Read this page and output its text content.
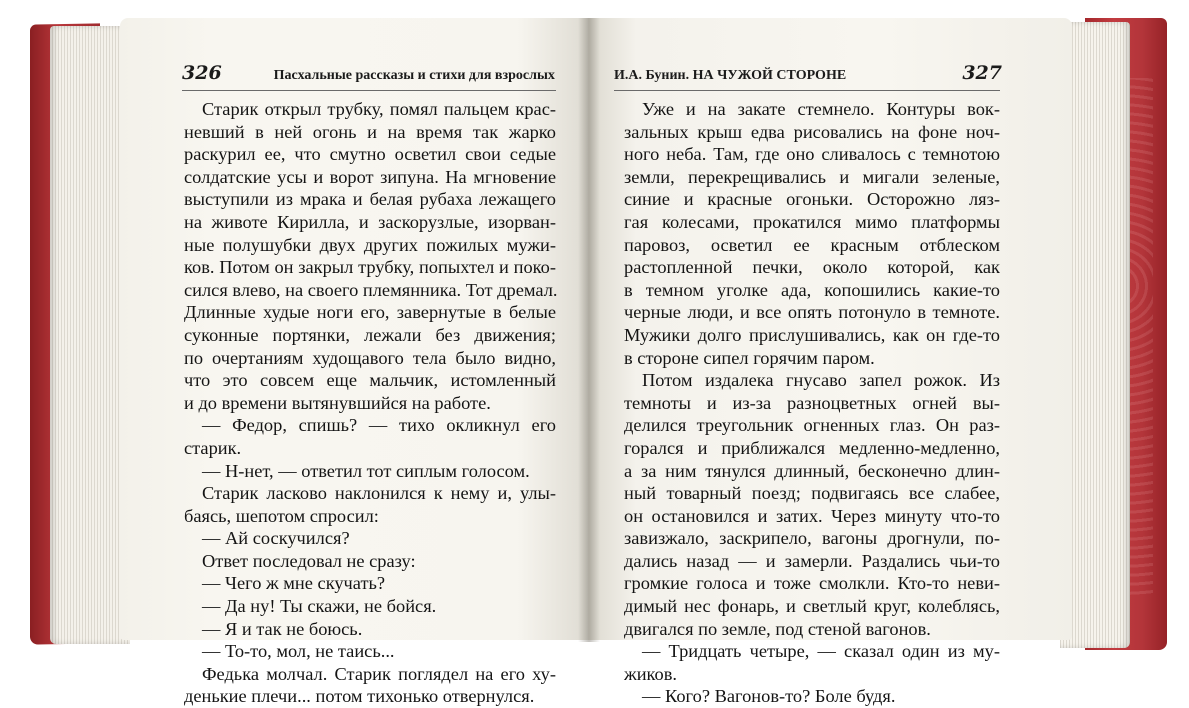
326	Пасхальные рассказы и стихи для взрослых
Старик открыл трубку, помял пальцем крас-
невший в ней огонь и на время так жарко
раскурил ее, что смутно осветил свои седые
солдатские усы и ворот зипуна. На мгновение
выступили из мрака и белая рубаха лежащего
на животе Кирилла, и заскорузлые, изорван-
ные полушубки двух других пожилых мужи-
ков. Потом он закрыл трубку, попыхтел и поко-
сился влево, на своего племянника. Тот дремал.
Длинные худые ноги его, завернутые в белые
суконные портянки, лежали без движения;
по очертаниям худощавого тела было видно,
что это совсем еще мальчик, истомленный
и до времени вытянувшийся на работе.
— Федор, спишь? — тихо окликнул его
старик.
— Н-нет, — ответил тот сиплым голосом.
Старик ласково наклонился к нему и, улы-
баясь, шепотом спросил:
— Ай соскучился?
Ответ последовал не сразу:
— Чего ж мне скучать?
— Да ну! Ты скажи, не бойся.
— Я и так не боюсь.
— То-то, мол, не таись...
Федька молчал. Старик поглядел на его ху-
денькие плечи... потом тихонько отвернулся.
И.А. Бунин. НА ЧУЖОЙ СТОРОНЕ	327
Уже и на закате стемнело. Контуры вок-
зальных крыш едва рисовались на фоне ноч-
ного неба. Там, где оно сливалось с темнотою
земли, перекрещивались и мигали зеленые,
синие и красные огоньки. Осторожно ляз-
гая колесами, прокатился мимо платформы
паровоз, осветил ее красным отблеском
растопленной печки, около которой, как
в темном уголке ада, копошились какие-то
черные люди, и все опять потонуло в темноте.
Мужики долго прислушивались, как он где-то
в стороне сипел горячим паром.
Потом издалека гнусаво запел рожок. Из
темноты и из-за разноцветных огней вы-
делился треугольник огненных глаз. Он раз-
горался и приближался медленно-медленно,
а за ним тянулся длинный, бесконечно длин-
ный товарный поезд; подвигаясь все слабее,
он остановился и затих. Через минуту что-то
завизжало, заскрипело, вагоны дрогнули, по-
дались назад — и замерли. Раздались чьи-то
громкие голоса и тоже смолкли. Кто-то неви-
димый нес фонарь, и светлый круг, колеблясь,
двигался по земле, под стеной вагонов.
— Тридцать четыре, — сказал один из му-
жиков.
— Кого? Вагонов-то? Боле будя.
